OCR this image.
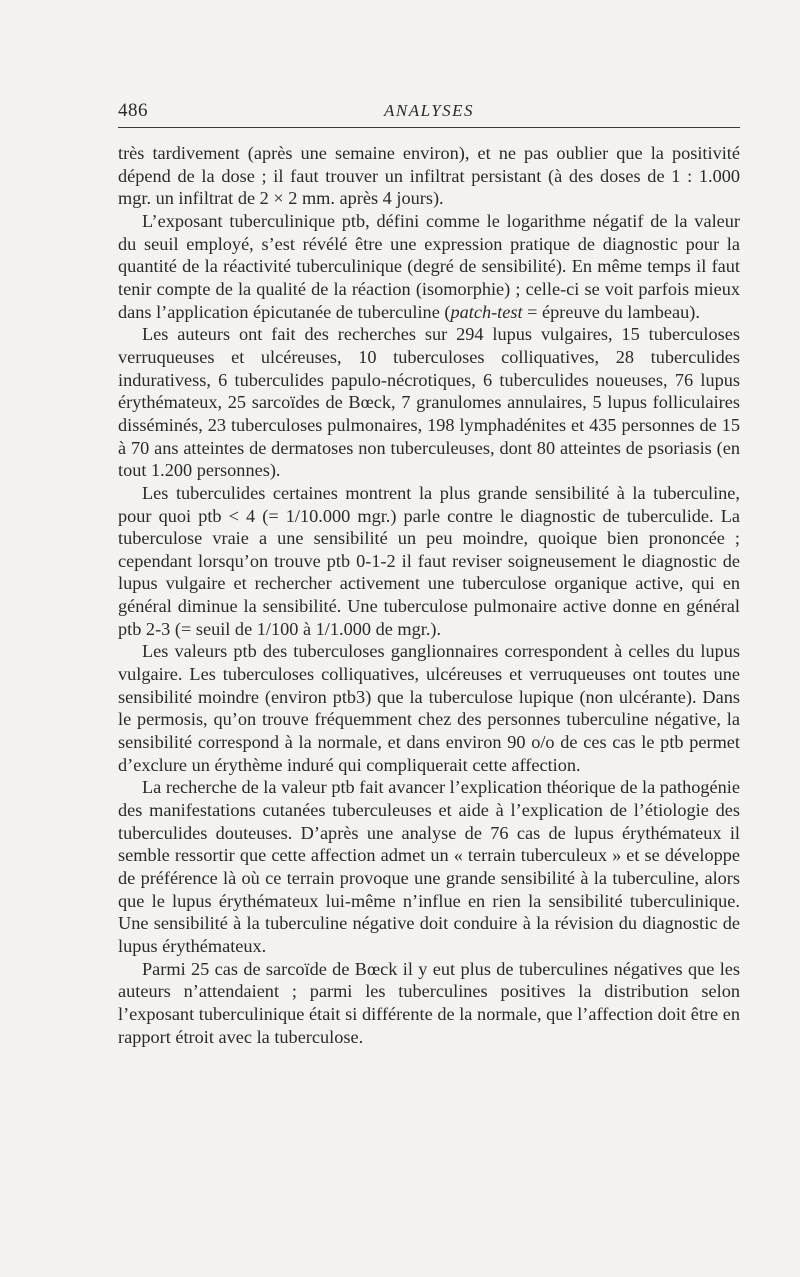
486	ANALYSES

très tardivement (après une semaine environ), et ne pas oublier que la positivité dépend de la dose ; il faut trouver un infiltrat persistant (à des doses de 1 : 1.000 mgr. un infiltrat de 2 × 2 mm. après 4 jours).

L’exposant tuberculinique ptb, défini comme le logarithme négatif de la valeur du seuil employé, s’est révélé être une expression pratique de diagnostic pour la quantité de la réactivité tuberculinique (degré de sensibilité). En même temps il faut tenir compte de la qualité de la réaction (isomorphie) ; celle-ci se voit parfois mieux dans l’application épicutanée de tuberculine (patch-test = épreuve du lambeau).

Les auteurs ont fait des recherches sur 294 lupus vulgaires, 15 tuberculoses verruqueuses et ulcéreuses, 10 tuberculoses colliquatives, 28 tuberculides indurativess, 6 tuberculides papulo-nécrotiques, 6 tuberculides noueuses, 76 lupus érythémateux, 25 sarcoïdes de Bœck, 7 granulomes annulaires, 5 lupus folliculaires disséminés, 23 tuberculoses pulmonaires, 198 lymphadénites et 435 personnes de 15 à 70 ans atteintes de dermatoses non tuberculeuses, dont 80 atteintes de psoriasis (en tout 1.200 personnes).

Les tuberculides certaines montrent la plus grande sensibilité à la tuberculine, pour quoi ptb < 4 (= 1/10.000 mgr.) parle contre le diagnostic de tuberculide. La tuberculose vraie a une sensibilité un peu moindre, quoique bien prononcée ; cependant lorsqu’on trouve ptb 0-1-2 il faut reviser soigneusement le diagnostic de lupus vulgaire et rechercher activement une tuberculose organique active, qui en général diminue la sensibilité. Une tuberculose pulmonaire active donne en général ptb 2-3 (= seuil de 1/100 à 1/1.000 de mgr.).

Les valeurs ptb des tuberculoses ganglionnaires correspondent à celles du lupus vulgaire. Les tuberculoses colliquatives, ulcéreuses et verruqueuses ont toutes une sensibilité moindre (environ ptb3) que la tuberculose lupique (non ulcérante). Dans le permosis, qu’on trouve fréquemment chez des personnes tuberculine négative, la sensibilité correspond à la normale, et dans environ 90 o/o de ces cas le ptb permet d’exclure un érythème induré qui compliquerait cette affection.

La recherche de la valeur ptb fait avancer l’explication théorique de la pathogénie des manifestations cutanées tuberculeuses et aide à l’explication de l’étiologie des tuberculides douteuses. D’après une analyse de 76 cas de lupus érythémateux il semble ressortir que cette affection admet un « terrain tuberculeux » et se développe de préférence là où ce terrain provoque une grande sensibilité à la tuberculine, alors que le lupus érythémateux lui-même n’influe en rien la sensibilité tuberculinique. Une sensibilité à la tuberculine négative doit conduire à la révision du diagnostic de lupus érythémateux.

Parmi 25 cas de sarcoïde de Bœck il y eut plus de tuberculines négatives que les auteurs n’attendaient ; parmi les tuberculines positives la distribution selon l’exposant tuberculinique était si différente de la normale, que l’affection doit être en rapport étroit avec la tuberculose.
